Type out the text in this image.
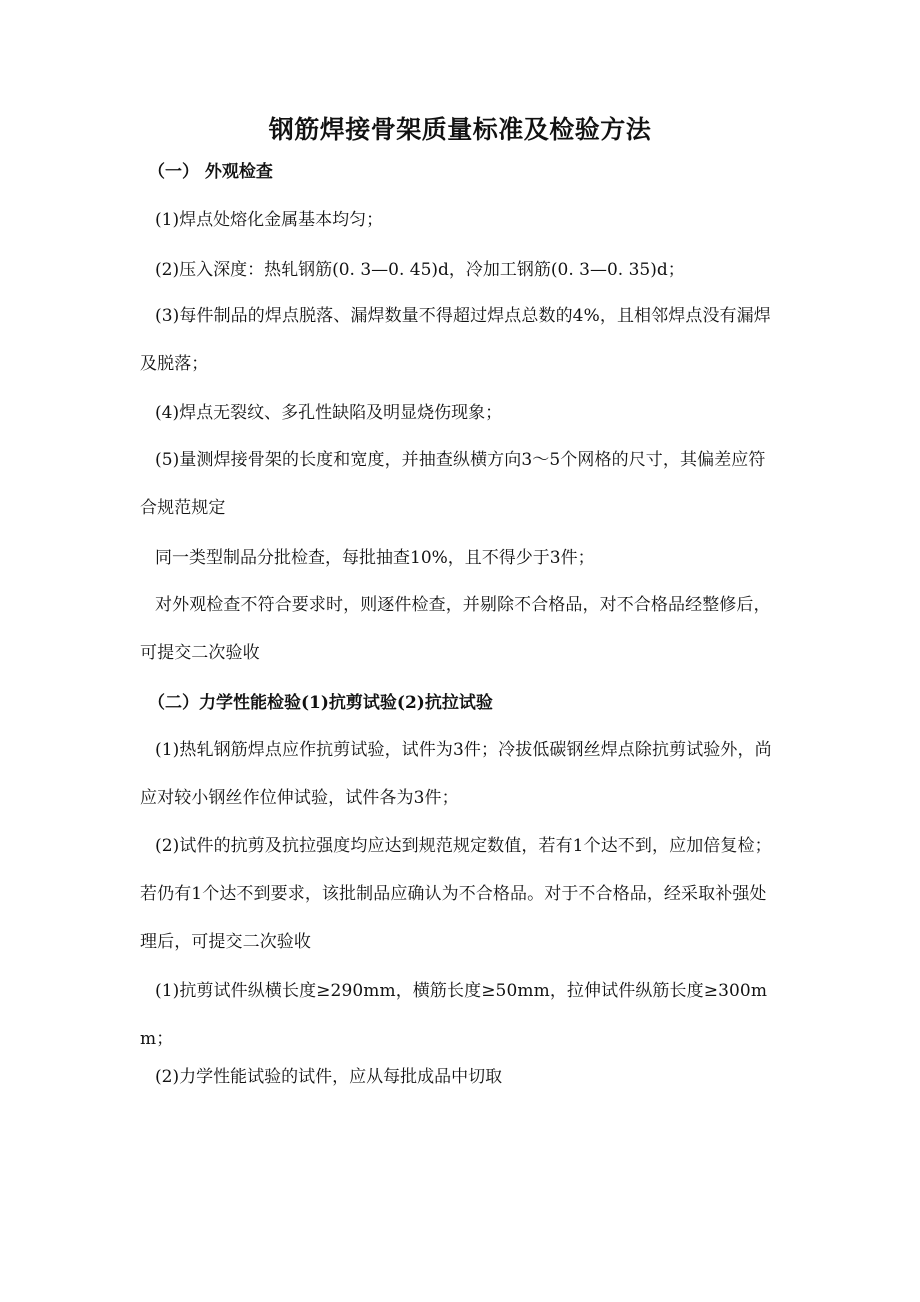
钢筋焊接骨架质量标准及检验方法
（一） 外观检查
(1)焊点处熔化金属基本均匀；
(2)压入深度：热轧钢筋(0. 3—0. 45)d，冷加工钢筋(0. 3—0. 35)d；
(3)每件制品的焊点脱落、漏焊数量不得超过焊点总数的4%，且相邻焊点没有漏焊及脱落；
(4)焊点无裂纹、多孔性缺陷及明显烧伤现象；
(5)量测焊接骨架的长度和宽度，并抽查纵横方向3～5个网格的尺寸，其偏差应符合规范规定
同一类型制品分批检查，每批抽查10%，且不得少于3件；
对外观检查不符合要求时，则逐件检查，并剔除不合格品，对不合格品经整修后，可提交二次验收
（二）力学性能检验(1)抗剪试验(2)抗拉试验
(1)热轧钢筋焊点应作抗剪试验，试件为3件；冷拔低碳钢丝焊点除抗剪试验外，尚应对较小钢丝作位伸试验，试件各为3件；
(2)试件的抗剪及抗拉强度均应达到规范规定数值，若有1个达不到，应加倍复检；若仍有1个达不到要求，该批制品应确认为不合格品。对于不合格品，经采取补强处理后，可提交二次验收
(1)抗剪试件纵横长度≥290mm，横筋长度≥50mm，拉伸试件纵筋长度≥300mm；
(2)力学性能试验的试件，应从每批成品中切取
